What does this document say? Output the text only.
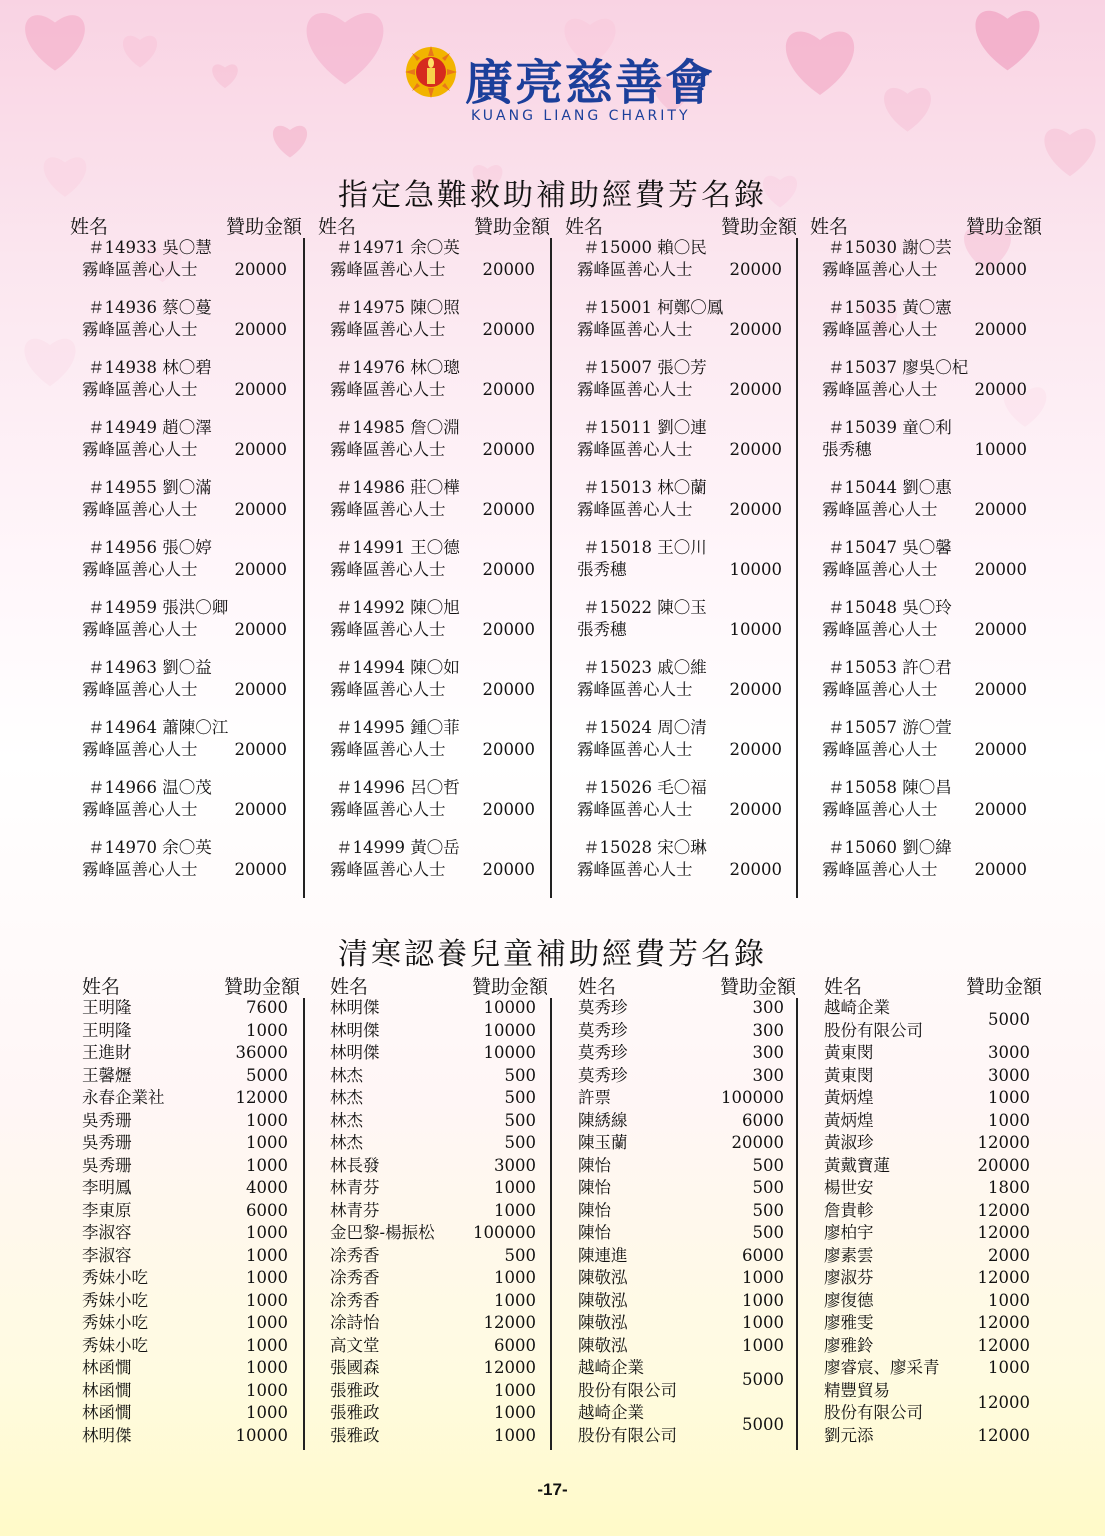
廣亮慈善會
KUANG LIANG CHARITY
指定急難救助補助經費芳名錄
姓名	贊助金額
＃14933 吳〇慧
霧峰區善心人士 20000
＃14936 蔡〇蔓
霧峰區善心人士 20000
＃14938 林〇碧
霧峰區善心人士 20000
＃14949 趙〇澤
霧峰區善心人士 20000
＃14955 劉〇滿
霧峰區善心人士 20000
＃14956 張〇婷
霧峰區善心人士 20000
＃14959 張洪〇卿
霧峰區善心人士 20000
＃14963 劉〇益
霧峰區善心人士 20000
＃14964 蕭陳〇江
霧峰區善心人士 20000
＃14966 温〇茂
霧峰區善心人士 20000
＃14970 余〇英
霧峰區善心人士 20000
姓名	贊助金額
＃14971 余〇英
霧峰區善心人士 20000
＃14975 陳〇照
霧峰區善心人士 20000
＃14976 林〇璁
霧峰區善心人士 20000
＃14985 詹〇淵
霧峰區善心人士 20000
＃14986 莊〇樺
霧峰區善心人士 20000
＃14991 王〇德
霧峰區善心人士 20000
＃14992 陳〇旭
霧峰區善心人士 20000
＃14994 陳〇如
霧峰區善心人士 20000
＃14995 鍾〇菲
霧峰區善心人士 20000
＃14996 呂〇哲
霧峰區善心人士 20000
＃14999 黃〇岳
霧峰區善心人士 20000
姓名	贊助金額
＃15000 賴〇民
霧峰區善心人士 20000
＃15001 柯鄭〇鳳
霧峰區善心人士 20000
＃15007 張〇芳
霧峰區善心人士 20000
＃15011 劉〇連
霧峰區善心人士 20000
＃15013 林〇蘭
霧峰區善心人士 20000
＃15018 王〇川
張秀穗	10000
＃15022 陳〇玉
張秀穗	10000
＃15023 戚〇維
霧峰區善心人士 20000
＃15024 周〇清
霧峰區善心人士 20000
＃15026 毛〇福
霧峰區善心人士 20000
＃15028 宋〇琳
霧峰區善心人士 20000
姓名	贊助金額
＃15030 謝〇芸
霧峰區善心人士 20000
＃15035 黃〇憲
霧峰區善心人士 20000
＃15037 廖吳〇杞
霧峰區善心人士 20000
＃15039 童〇利
張秀穗	10000
＃15044 劉〇惠
霧峰區善心人士 20000
＃15047 吳〇馨
霧峰區善心人士 20000
＃15048 吳〇玲
霧峰區善心人士 20000
＃15053 許〇君
霧峰區善心人士 20000
＃15057 游〇萱
霧峰區善心人士 20000
＃15058 陳〇昌
霧峰區善心人士 20000
＃15060 劉〇緯
霧峰區善心人士 20000
清寒認養兒童補助經費芳名錄
姓名	贊助金額
王明隆	7600
王明隆	1000
王進財	36000
王馨爏	5000
永春企業社	12000
吳秀珊	1000
吳秀珊	1000
吳秀珊	1000
李明鳳	4000
李東原	6000
李淑容	1000
李淑容	1000
秀妹小吃	1000
秀妹小吃	1000
秀妹小吃	1000
秀妹小吃	1000
林函憪	1000
林函憪	1000
林函憪	1000
林明傑	10000
姓名	贊助金額
林明傑	10000
林明傑	10000
林明傑	10000
林杰	500
林杰	500
林杰	500
林杰	500
林長發	3000
林青芬	1000
林青芬	1000
金巴黎-楊振松 100000
凃秀香	500
凃秀香	1000
凃秀香	1000
凃詩怡	12000
高文堂	6000
張國森	12000
張雅政	1000
張雅政	1000
張雅政	1000
姓名	贊助金額
莫秀珍	300
莫秀珍	300
莫秀珍	300
莫秀珍	300
許票	100000
陳綉線	6000
陳玉蘭	20000
陳怡	500
陳怡	500
陳怡	500
陳怡	500
陳連進	6000
陳敬泓	1000
陳敬泓	1000
陳敬泓	1000
陳敬泓	1000
越崎企業
股份有限公司
5000
越崎企業
股份有限公司
5000
姓名	贊助金額
越崎企業
股份有限公司
5000
黃東閔	3000
黃東閔	3000
黃炳煌	1000
黃炳煌	1000
黃淑珍	12000
黃戴寶蓮	20000
楊世安	1800
詹貴軫	12000
廖柏宇	12000
廖素雲	2000
廖淑芬	12000
廖復德	1000
廖雅雯	12000
廖雅鈴	12000
廖睿宸、廖采青	1000
精豐貿易
股份有限公司
12000
劉元添	12000
-17-
